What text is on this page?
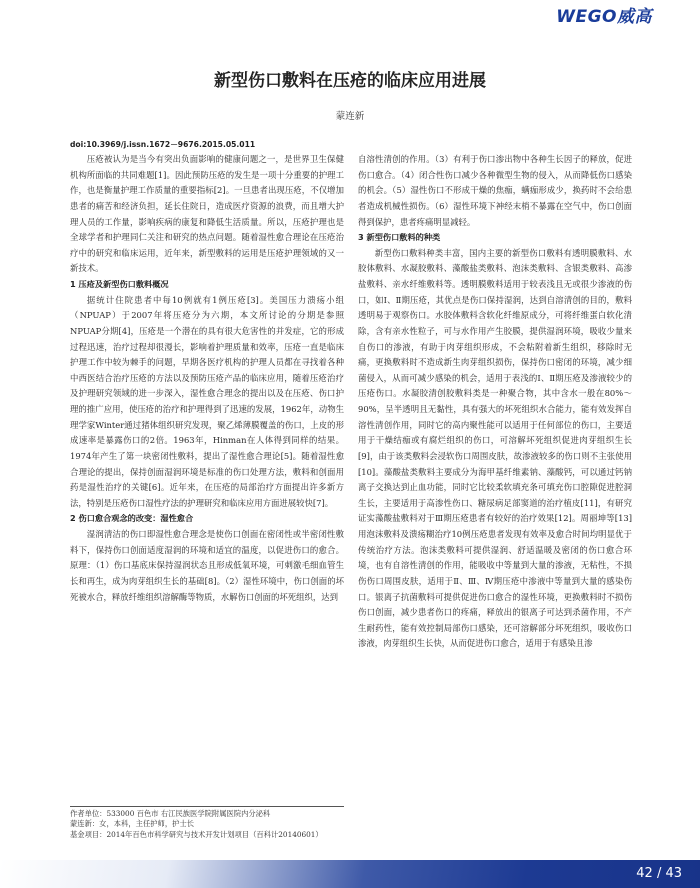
WEGO威高
新型伤口敷料在压疮的临床应用进展
蒙连新
doi:10.3969/j.issn.1672－9676.2015.05.011

压疮被认为是当今有突出负面影响的健康问题之一，是世界卫生保健机构所面临的共同难题[1]。因此预防压疮的发生是一项十分重要的护理工作，也是衡量护理工作质量的重要指标[2]。一旦患者出现压疮，不仅增加患者的痛苦和经济负担，延长住院日，造成医疗资源的浪费，而且增大护理人员的工作量，影响疾病的康复和降低生活质量。所以，压疮护理也是全球学者和护理同仁关注和研究的热点问题。随着湿性愈合理论在压疮治疗中的研究和临床运用，近年来，新型敷料的运用是压疮护理领域的又一新技术。

1 压疮及新型伤口敷料概况

据统计住院患者中每10例就有1例压疮[3]。美国压力溃疡小组（NPUAP）于2007年将压疮分为六期，本文所讨论的分期是参照NPUAP分期[4]，压疮是一个潜在的具有很大危害性的并发症，它的形成过程迅速，治疗过程却很漫长，影响着护理质量和效率，压疮一直是临床护理工作中较为棘手的问题，早期各医疗机构的护理人员都在寻找着各种中西医结合治疗压疮的方法以及预防压疮产品的临床应用，随着压疮治疗及护理研究领域的进一步深入，湿性愈合理念的提出以及在压疮、伤口护理的推广应用，使压疮的治疗和护理得到了迅速的发展，1962年，动物生理学家Winter通过猪体组织研究发现，聚乙烯薄膜覆盖的伤口，上皮的形成速率是暴露伤口的2倍。1963年，Hinman在人体得到同样的结果。1974年产生了第一块密闭性敷料，提出了湿性愈合理论[5]。随着湿性愈合理论的提出，保持创面湿润环境是标准的伤口处理方法，敷料和创面用药是湿性治疗的关键[6]。近年来，在压疮的局部治疗方面提出许多新方法，特别是压疮伤口湿性疗法的护理研究和临床应用方面进展较快[7]。

2 伤口愈合观念的改变：湿性愈合

湿润清洁的伤口即湿性愈合理念是使伤口创面在密闭性或半密闭性敷料下，保持伤口创面适度湿润的环境和适宜的温度，以促进伤口的愈合。原理：（1）伤口基底床保持湿润状态且形成低氧环境，可刺激毛细血管生长和再生，成为肉芽组织生长的基础[8]。（2）湿性环境中，伤口创面的坏死被水合，释放纤维组织溶解酶等物质，水解伤口创面的坏死组织，达到

作者单位：533000 百色市 右江民族医学院附属医院内分泌科
蒙连新：女，本科，主任护师，护士长
基金项目：2014年百色市科学研究与技术开发计划项目（百科计20140601）

自溶性清创的作用。（3）有利于伤口渗出物中各种生长因子的释放，促进伤口愈合。（4）闭合性伤口减少各种微型生物的侵入，从而降低伤口感染的机会。（5）湿性伤口不形成干燥的焦痂，螨痂形成少，换药时不会给患者造成机械性损伤。（6）湿性环境下神经末梢不暴露在空气中，伤口创面得到保护，患者疼痛明显减轻。

3 新型伤口敷料的种类

新型伤口敷料种类丰富，国内主要的新型伤口敷料有透明膜敷料、水胶体敷料、水凝胶敷料、藻酸盐类敷料、泡沫类敷料、含银类敷料、高渗盐敷料、亲水纤维敷料等。透明膜敷料适用于较表浅且无或很少渗液的伤口，如Ⅰ、Ⅱ期压疮，其优点是伤口保持湿润，达到自溶清创的目的，敷料透明易于观察伤口。水胶体敷料含软化纤维原成分，可将纤维蛋白软化清除，含有亲水性粒子，可与水作用产生胶膜，提供湿润环境，吸收少量来自伤口的渗液，有助于肉芽组织形成，不会粘附着新生组织，移除时无痛，更换敷料时不造成新生肉芽组织损伤，保持伤口密闭的环境，减少细菌侵入，从而可减少感染的机会，适用于表浅的Ⅰ、Ⅱ期压疮及渗液较少的压疮伤口。水凝胶清创胶敷料类是一种聚合物，其中含水一般在80%～90%，呈半透明且无黏性，具有强大的坏死组织水合能力，能有效发挥自溶性清创作用，同时它的高内聚性能可以适用于任何部位的伤口，主要适用于干燥结痂或有腐烂组织的伤口，可溶解坏死组织促进肉芽组织生长[9]，由于该类敷料会浸软伤口周围皮肤，故渗液较多的伤口则不主张使用[10]。藻酸盐类敷料主要成分为海甲基纤维素钠、藻酸钙，可以通过钙钠离子交换达到止血功能，同时它比较柔软填充条可填充伤口腔隙促进腔洞生长，主要适用于高渗性伤口、糖尿病足部窦道的治疗植皮[11]，有研究证实藻酸盐敷料对于Ⅲ期压疮患者有较好的治疗效果[12]。周丽坤等[13]用泡沫敷料及溃疡糊治疗10例压疮患者发现有效率及愈合时间均明显优于传统治疗方法。泡沫类敷料可提供湿润、舒适温暖及密闭的伤口愈合环境，也有自溶性清创的作用，能吸收中等量到大量的渗液，无粘性，不损伤伤口周围皮肤，适用于Ⅱ、Ⅲ、Ⅳ期压疮中渗液中等量到大量的感染伤口。银离子抗菌敷料可提供促进伤口愈合的湿性环境，更换敷料时不损伤伤口创面，减少患者伤口的疼痛，释放出的银离子可达到杀菌作用，不产生耐药性，能有效控制局部伤口感染，还可溶解部分坏死组织，吸收伤口渗液，肉芽组织生长快，从而促进伤口愈合，适用于有感染且渗

42 / 43
